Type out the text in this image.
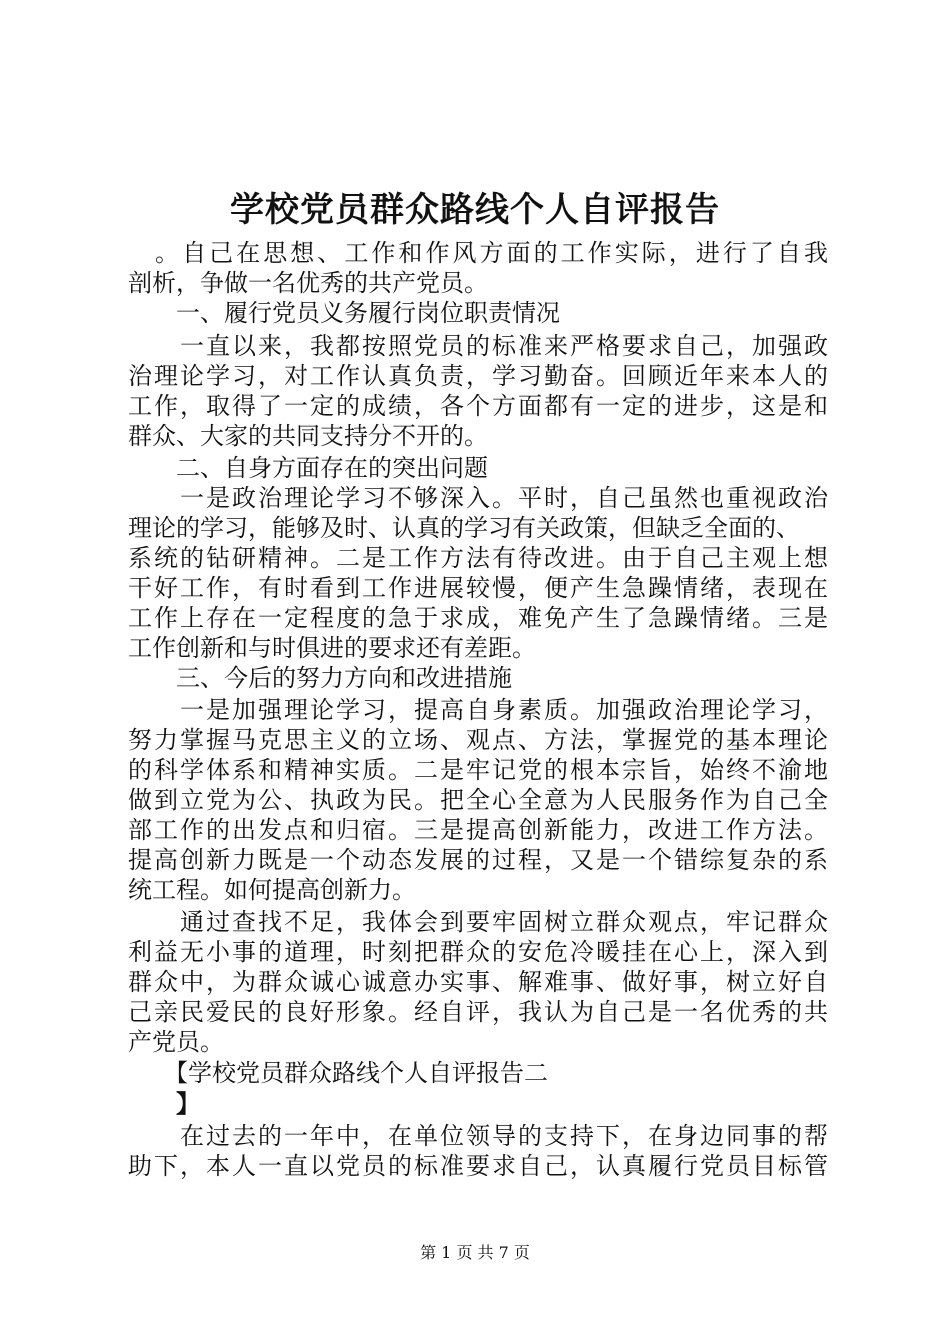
学校党员群众路线个人自评报告
　。自己在思想、工作和作风方面的工作实际，进行了自我
剖析，争做一名优秀的共产党员。
　　一、履行党员义务履行岗位职责情况
　　一直以来，我都按照党员的标准来严格要求自己，加强政
治理论学习，对工作认真负责，学习勤奋。回顾近年来本人的
工作，取得了一定的成绩，各个方面都有一定的进步，这是和
群众、大家的共同支持分不开的。
　　二、自身方面存在的突出问题
　　一是政治理论学习不够深入。平时，自己虽然也重视政治
理论的学习，能够及时、认真的学习有关政策，但缺乏全面的、
系统的钻研精神。二是工作方法有待改进。由于自己主观上想
干好工作，有时看到工作进展较慢，便产生急躁情绪，表现在
工作上存在一定程度的急于求成，难免产生了急躁情绪。三是
工作创新和与时俱进的要求还有差距。
　　三、今后的努力方向和改进措施
　　一是加强理论学习，提高自身素质。加强政治理论学习，
努力掌握马克思主义的立场、观点、方法，掌握党的基本理论
的科学体系和精神实质。二是牢记党的根本宗旨，始终不渝地
做到立党为公、执政为民。把全心全意为人民服务作为自己全
部工作的出发点和归宿。三是提高创新能力，改进工作方法。
提高创新力既是一个动态发展的过程，又是一个错综复杂的系
统工程。如何提高创新力。
　　通过查找不足，我体会到要牢固树立群众观点，牢记群众
利益无小事的道理，时刻把群众的安危冷暖挂在心上，深入到
群众中，为群众诚心诚意办实事、解难事、做好事，树立好自
己亲民爱民的良好形象。经自评，我认为自己是一名优秀的共
产党员。
　　【学校党员群众路线个人自评报告二
　　】
　　在过去的一年中，在单位领导的支持下，在身边同事的帮
助下，本人一直以党员的标准要求自己，认真履行党员目标管
第 1 页 共 7 页
